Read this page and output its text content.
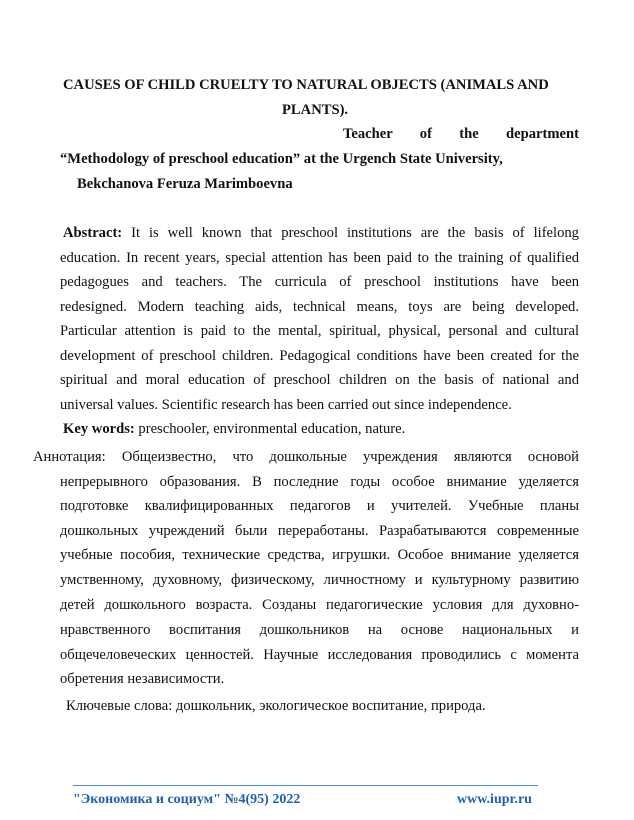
CAUSES OF CHILD CRUELTY TO NATURAL OBJECTS (ANIMALS AND
PLANTS).
Teacher of the department
“Methodology of preschool education” at the Urgench State University,
Bekchanova Feruza Marimboevna
Abstract: It is well known that preschool institutions are the basis of lifelong
education. In recent years, special attention has been paid to the training of qualified
pedagogues and teachers. The curricula of preschool institutions have been
redesigned. Modern teaching aids, technical means, toys are being developed.
Particular attention is paid to the mental, spiritual, physical, personal and cultural
development of preschool children. Pedagogical conditions have been created for the
spiritual and moral education of preschool children on the basis of national and
universal values. Scientific research has been carried out since independence.
Key words: preschooler, environmental education, nature.
Аннотация: Общеизвестно, что дошкольные учреждения являются основой
непрерывного образования. В последние годы особое внимание уделяется
подготовке квалифицированных педагогов и учителей. Учебные планы
дошкольных учреждений были переработаны. Разрабатываются современные
учебные пособия, технические средства, игрушки. Особое внимание уделяется
умственному, духовному, физическому, личностному и культурному развитию
детей дошкольного возраста. Созданы педагогические условия для духовно-
нравственного воспитания дошкольников на основе национальных и
общечеловеческих ценностей. Научные исследования проводились с момента
обретения независимости.
Ключевые слова: дошкольник, экологическое воспитание, природа.
"Экономика и социум" №4(95) 2022	www.iupr.ru
